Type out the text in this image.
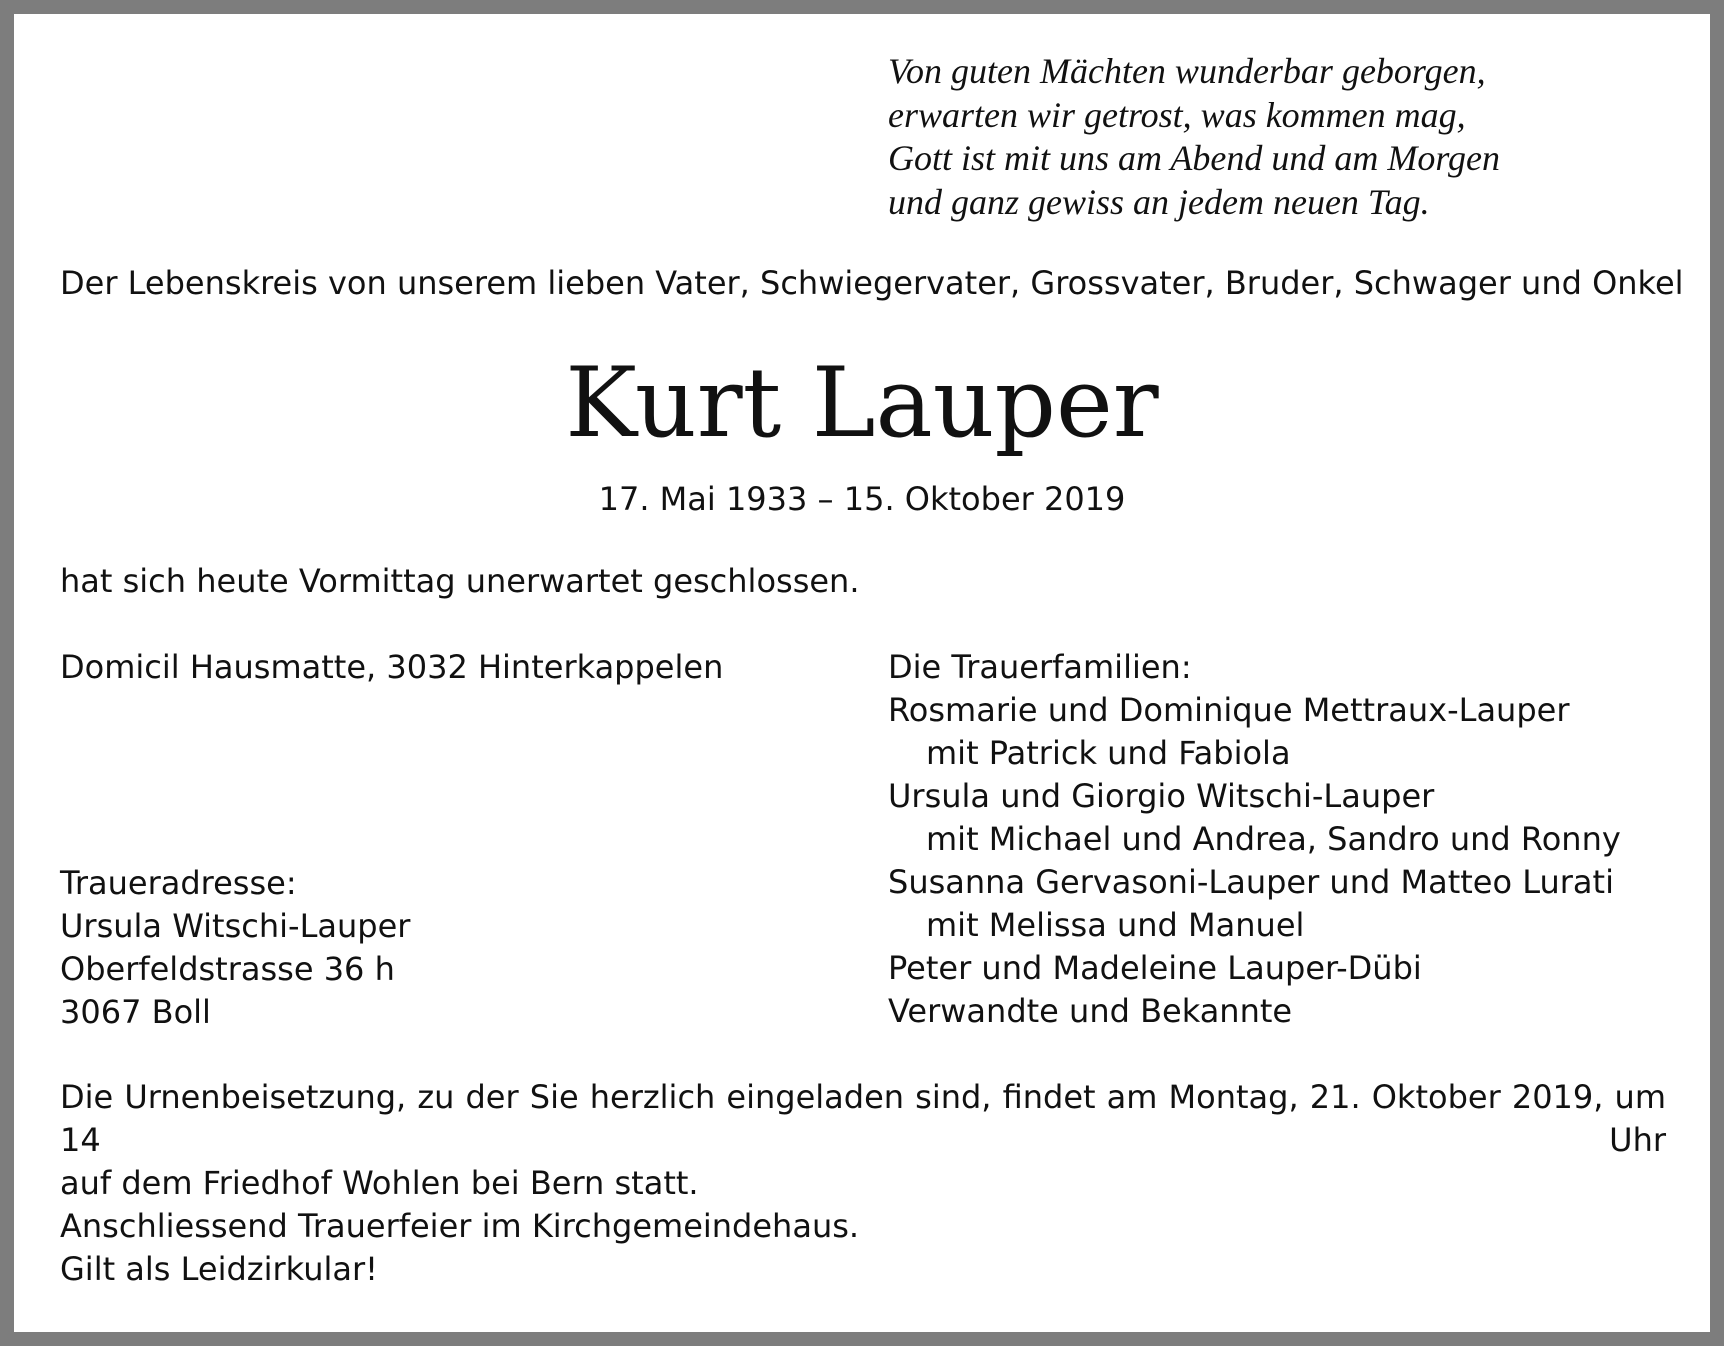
Von guten Mächten wunderbar geborgen,
erwarten wir getrost, was kommen mag,
Gott ist mit uns am Abend und am Morgen
und ganz gewiss an jedem neuen Tag.
Der Lebenskreis von unserem lieben Vater, Schwiegervater, Grossvater, Bruder, Schwager und Onkel
Kurt Lauper
17. Mai 1933 – 15. Oktober 2019
hat sich heute Vormittag unerwartet geschlossen.
Domicil Hausmatte, 3032 Hinterkappelen
Traueradresse:
Ursula Witschi-Lauper
Oberfeldstrasse 36 h
3067 Boll
Die Trauerfamilien:
Rosmarie und Dominique Mettraux-Lauper
mit Patrick und Fabiola
Ursula und Giorgio Witschi-Lauper
mit Michael und Andrea, Sandro und Ronny
Susanna Gervasoni-Lauper und Matteo Lurati
mit Melissa und Manuel
Peter und Madeleine Lauper-Dübi
Verwandte und Bekannte
Die Urnenbeisetzung, zu der Sie herzlich eingeladen sind, findet am Montag, 21. Oktober 2019, um 14 Uhr
auf dem Friedhof Wohlen bei Bern statt.
Anschliessend Trauerfeier im Kirchgemeindehaus.
Gilt als Leidzirkular!
